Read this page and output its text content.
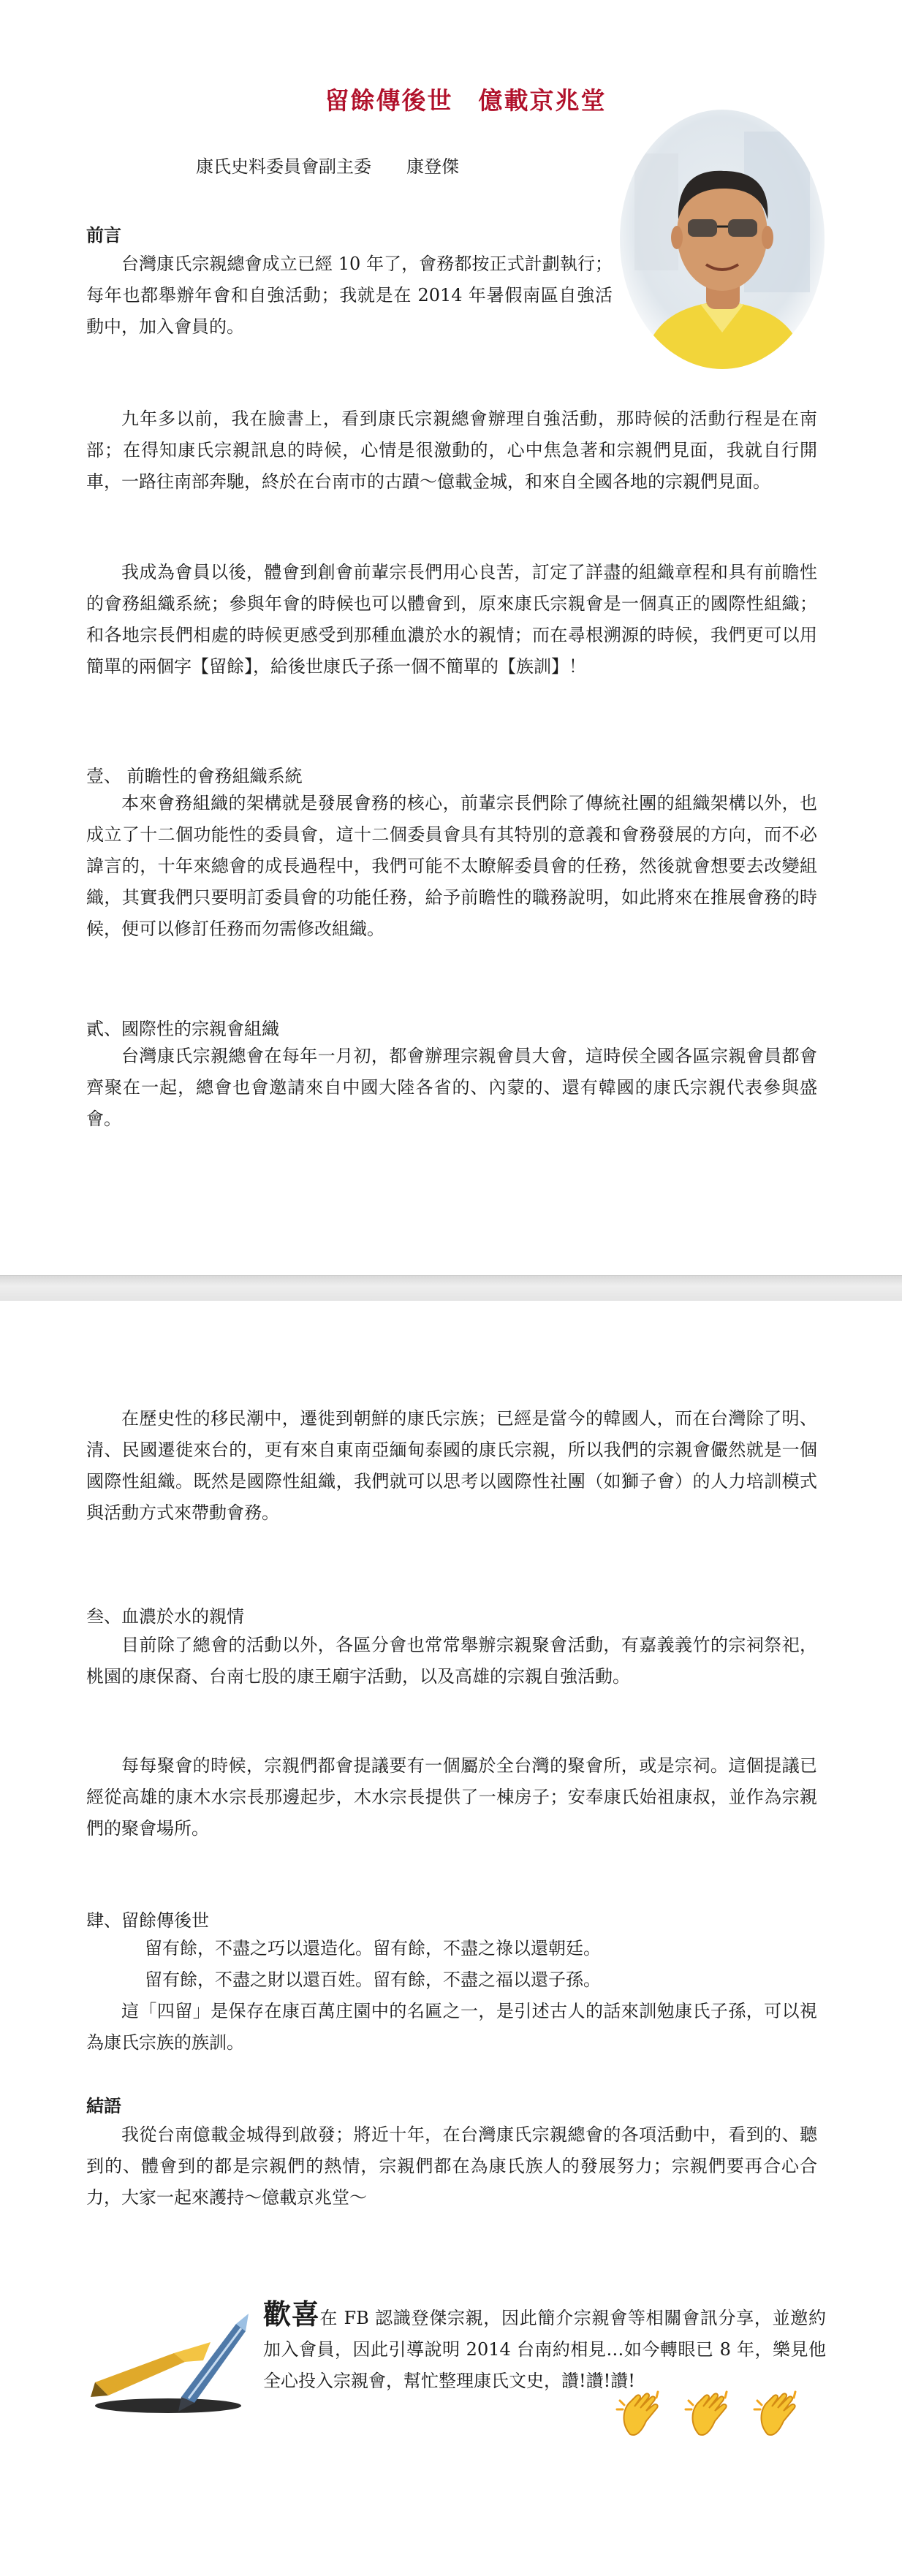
留餘傳後世　億載京兆堂
康氏史料委員會副主委　　康登傑
前言

台灣康氏宗親總會成立已經 10 年了，會務都按正式計劃執行；每年也都舉辦年會和自強活動；我就是在 2014 年暑假南區自強活動中，加入會員的。

九年多以前，我在臉書上，看到康氏宗親總會辦理自強活動，那時候的活動行程是在南部；在得知康氏宗親訊息的時候，心情是很激動的，心中焦急著和宗親們見面，我就自行開車，一路往南部奔馳，終於在台南市的古蹟～億載金城，和來自全國各地的宗親們見面。

我成為會員以後，體會到創會前輩宗長們用心良苦，訂定了詳盡的組織章程和具有前瞻性的會務組織系統；參與年會的時候也可以體會到，原來康氏宗親會是一個真正的國際性組織；和各地宗長們相處的時候更感受到那種血濃於水的親情；而在尋根溯源的時候，我們更可以用簡單的兩個字【留餘】，給後世康氏子孫一個不簡單的【族訓】！

壹、 前瞻性的會務組織系統

本來會務組織的架構就是發展會務的核心，前輩宗長們除了傳統社團的組織架構以外，也成立了十二個功能性的委員會，這十二個委員會具有其特別的意義和會務發展的方向，而不必諱言的，十年來總會的成長過程中，我們可能不太瞭解委員會的任務，然後就會想要去改變組織，其實我們只要明訂委員會的功能任務，給予前瞻性的職務說明，如此將來在推展會務的時候，便可以修訂任務而勿需修改組織。

貳、國際性的宗親會組織

台灣康氏宗親總會在每年一月初，都會辦理宗親會員大會，這時侯全國各區宗親會員都會齊聚在一起，總會也會邀請來自中國大陸各省的、內蒙的、還有韓國的康氏宗親代表參與盛會。

在歷史性的移民潮中，遷徙到朝鮮的康氏宗族；已經是當今的韓國人，而在台灣除了明、清、民國遷徙來台的，更有來自東南亞緬甸泰國的康氏宗親，所以我們的宗親會儼然就是一個國際性組織。既然是國際性組織，我們就可以思考以國際性社團（如獅子會）的人力培訓模式與活動方式來帶動會務。

叁、血濃於水的親情

目前除了總會的活動以外，各區分會也常常舉辦宗親聚會活動，有嘉義義竹的宗祠祭祀，桃園的康保裔、台南七股的康王廟宇活動，以及高雄的宗親自強活動。

每每聚會的時候，宗親們都會提議要有一個屬於全台灣的聚會所，或是宗祠。這個提議已經從高雄的康木水宗長那邊起步，木水宗長提供了一棟房子；安奉康氏始祖康叔，並作為宗親們的聚會場所。

肆、留餘傳後世

留有餘，不盡之巧以還造化。留有餘，不盡之祿以還朝廷。

留有餘，不盡之財以還百姓。留有餘，不盡之福以還子孫。

這「四留」是保存在康百萬庄園中的名匾之一，是引述古人的話來訓勉康氏子孫，可以視為康氏宗族的族訓。

結語

我從台南億載金城得到啟發；將近十年，在台灣康氏宗親總會的各項活動中，看到的、聽到的、體會到的都是宗親們的熱情，宗親們都在為康氏族人的發展努力；宗親們要再合心合力，大家一起來護持～億載京兆堂～

歡喜在 FB 認識登傑宗親，因此簡介宗親會等相關會訊分享，並邀約加入會員，因此引導說明 2014 台南約相見…如今轉眼已 8 年，樂見他全心投入宗親會，幫忙整理康氏文史，讚!讚!讚!
